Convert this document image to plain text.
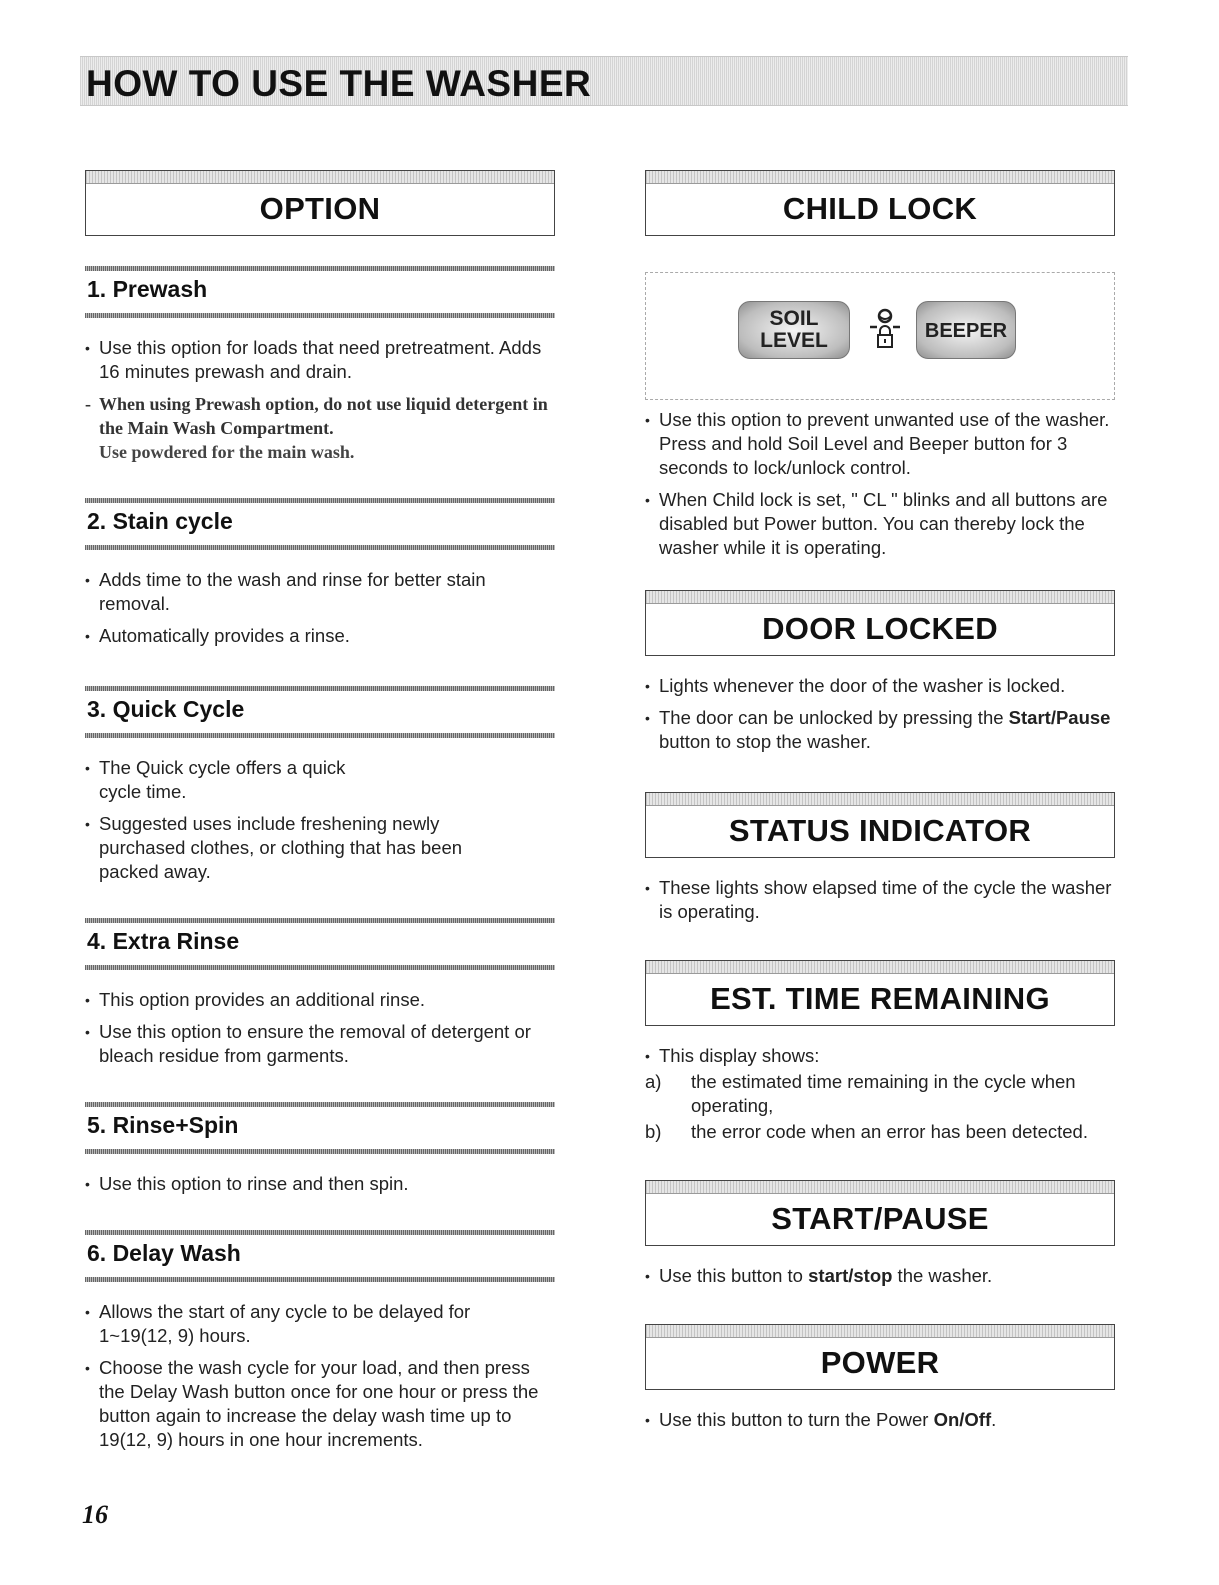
HOW TO USE THE WASHER
OPTION
1. Prewash
• Use this option for loads that need pretreatment. Adds 16 minutes prewash and drain.
- When using Prewash option, do not use liquid detergent in the Main Wash Compartment.
Use powdered for the main wash.
2. Stain cycle
• Adds time to the wash and rinse for better stain removal.
• Automatically provides a rinse.
3. Quick Cycle
• The Quick cycle offers a quick cycle time.
• Suggested uses include freshening newly purchased clothes, or clothing that has been packed away.
4. Extra Rinse
• This option provides an additional rinse.
• Use this option to ensure the removal of detergent or bleach residue from garments.
5. Rinse+Spin
• Use this option to rinse and then spin.
6. Delay Wash
• Allows the start of any cycle to be delayed for 1~19(12, 9) hours.
• Choose the wash cycle for your load, and then press the Delay Wash button once for one hour or press the button again to increase the delay wash time up to 19(12, 9) hours in one hour increments.
CHILD LOCK
SOIL
LEVEL	BEEPER
• Use this option to prevent unwanted use of the washer. Press and hold Soil Level and Beeper button for 3 seconds to lock/unlock control.
• When Child lock is set, " CL " blinks and all buttons are disabled but Power button. You can thereby lock the washer while it is operating.
DOOR LOCKED
• Lights whenever the door of the washer is locked.
• The door can be unlocked by pressing the Start/Pause button to stop the washer.
STATUS INDICATOR
• These lights show elapsed time of the cycle the washer is operating.
EST. TIME REMAINING
• This display shows:
a)	the estimated time remaining in the cycle when operating,
b)	the error code when an error has been detected.
START/PAUSE
• Use this button to start/stop the washer.
POWER
• Use this button to turn the Power On/Off.
16
